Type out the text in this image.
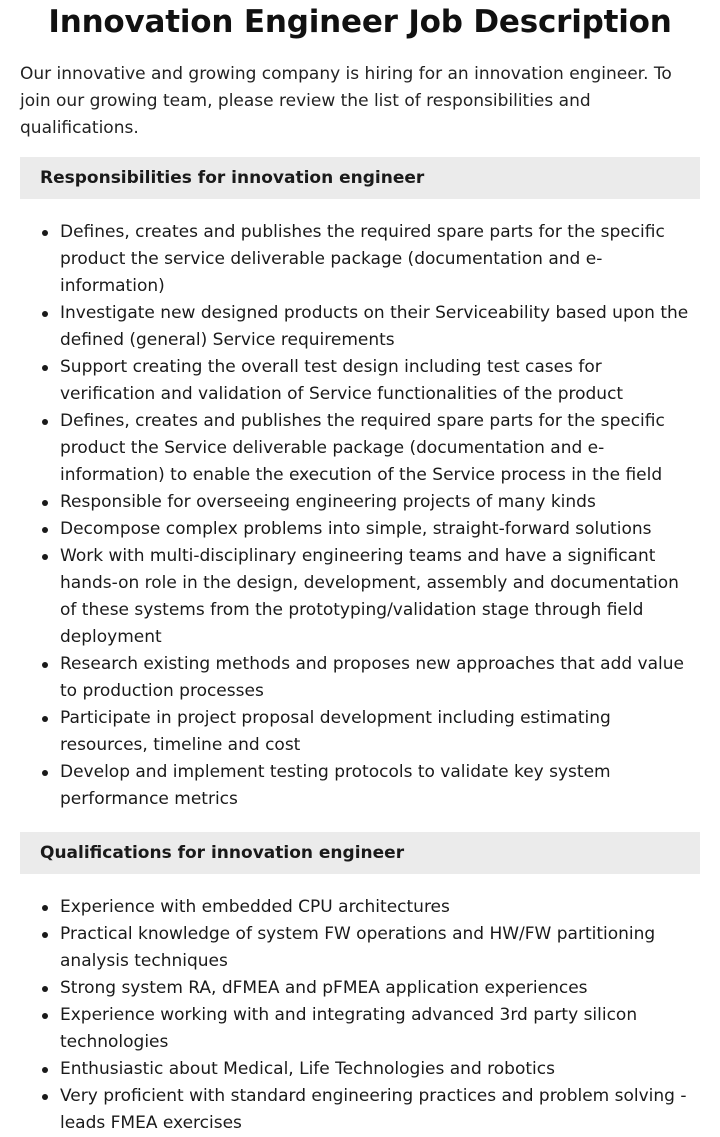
Innovation Engineer Job Description

Our innovative and growing company is hiring for an innovation engineer. To join our growing team, please review the list of responsibilities and qualifications.

Responsibilities for innovation engineer
Defines, creates and publishes the required spare parts for the specific product the service deliverable package (documentation and e-information)
Investigate new designed products on their Serviceability based upon the defined (general) Service requirements
Support creating the overall test design including test cases for verification and validation of Service functionalities of the product
Defines, creates and publishes the required spare parts for the specific product the Service deliverable package (documentation and e-information) to enable the execution of the Service process in the field
Responsible for overseeing engineering projects of many kinds
Decompose complex problems into simple, straight-forward solutions
Work with multi-disciplinary engineering teams and have a significant hands-on role in the design, development, assembly and documentation of these systems from the prototyping/validation stage through field deployment
Research existing methods and proposes new approaches that add value to production processes
Participate in project proposal development including estimating resources, timeline and cost
Develop and implement testing protocols to validate key system performance metrics
Qualifications for innovation engineer
Experience with embedded CPU architectures
Practical knowledge of system FW operations and HW/FW partitioning analysis techniques
Strong system RA, dFMEA and pFMEA application experiences
Experience working with and integrating advanced 3rd party silicon technologies
Enthusiastic about Medical, Life Technologies and robotics
Very proficient with standard engineering practices and problem solving - leads FMEA exercises
